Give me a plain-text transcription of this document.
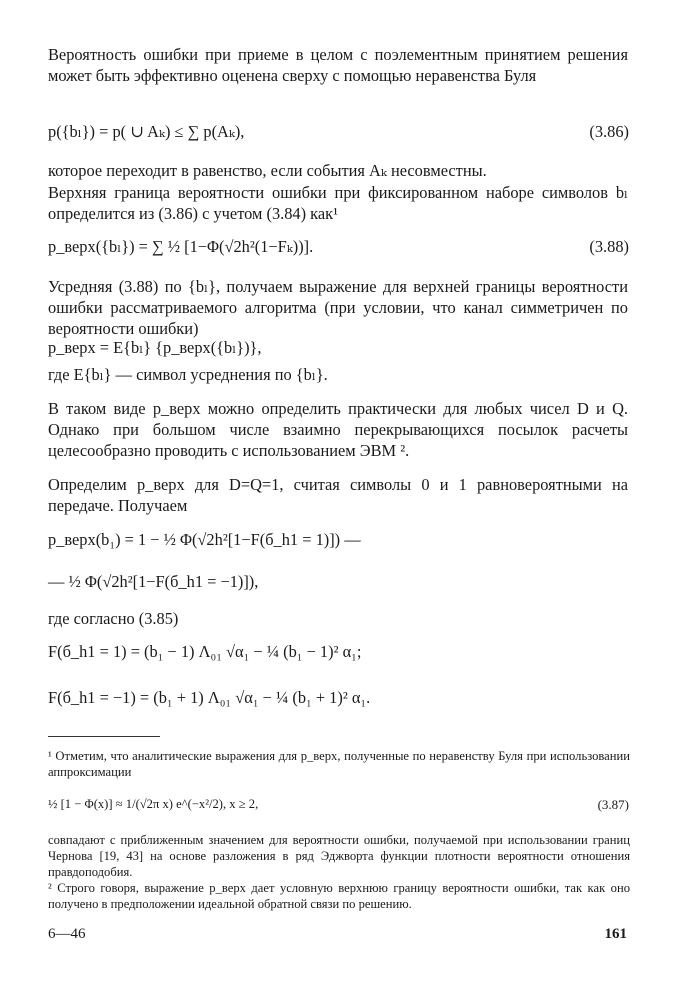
Вероятность ошибки при приеме в целом с поэлементным принятием решения может быть эффективно оценена сверху с помощью неравенства Буля
p({bₗ}) = p( ∪ Aₖ) ≤ ∑ p(Aₖ),	(3.86)
которое переходит в равенство, если события Aₖ несовместны.
Верхняя граница вероятности ошибки при фиксированном наборе символов bₗ определится из (3.86) с учетом (3.84) как¹
p_верх({bₗ}) = ∑ ½ [1−Φ(√2h²(1−Fₖ))].	(3.88)
Усредняя (3.88) по {bₗ}, получаем выражение для верхней границы вероятности ошибки рассматриваемого алгоритма (при условии, что канал симметричен по вероятности ошибки)
p_верх = E{bₗ} {p_верх({bₗ})},
где E{bₗ} — символ усреднения по {bₗ}.
В таком виде p_верх можно определить практически для любых чисел D и Q. Однако при большом числе взаимно перекрывающихся посылок расчеты целесообразно проводить с использованием ЭВМ ².
Определим p_верх для D=Q=1, считая символы 0 и 1 равновероятными на передаче. Получаем
p_верх(b₁) = 1 − ½ Φ(√2h²[1−F(б_h1 = 1)]) —
— ½ Φ(√2h²[1−F(б_h1 = −1)]),
где согласно (3.85)
F(б_h1 = 1) = (b₁ − 1) Λ₀₁ √α₁ − ¼ (b₁ − 1)² α₁;
F(б_h1 = −1) = (b₁ + 1) Λ₀₁ √α₁ − ¼ (b₁ + 1)² α₁.
¹ Отметим, что аналитические выражения для p_верх, полученные по неравенству Буля при использовании аппроксимации
½ [1 − Φ(x)] ≈ 1/(√2π x) e^(−x²/2), x ≥ 2,	(3.87)
совпадают с приближенным значением для вероятности ошибки, получаемой при использовании границ Чернова [19, 43] на основе разложения в ряд Эджворта функции плотности вероятности отношения правдоподобия.
² Строго говоря, выражение p_верх дает условную верхнюю границу вероятности ошибки, так как оно получено в предположении идеальной обратной связи по решению.
6—46	161
